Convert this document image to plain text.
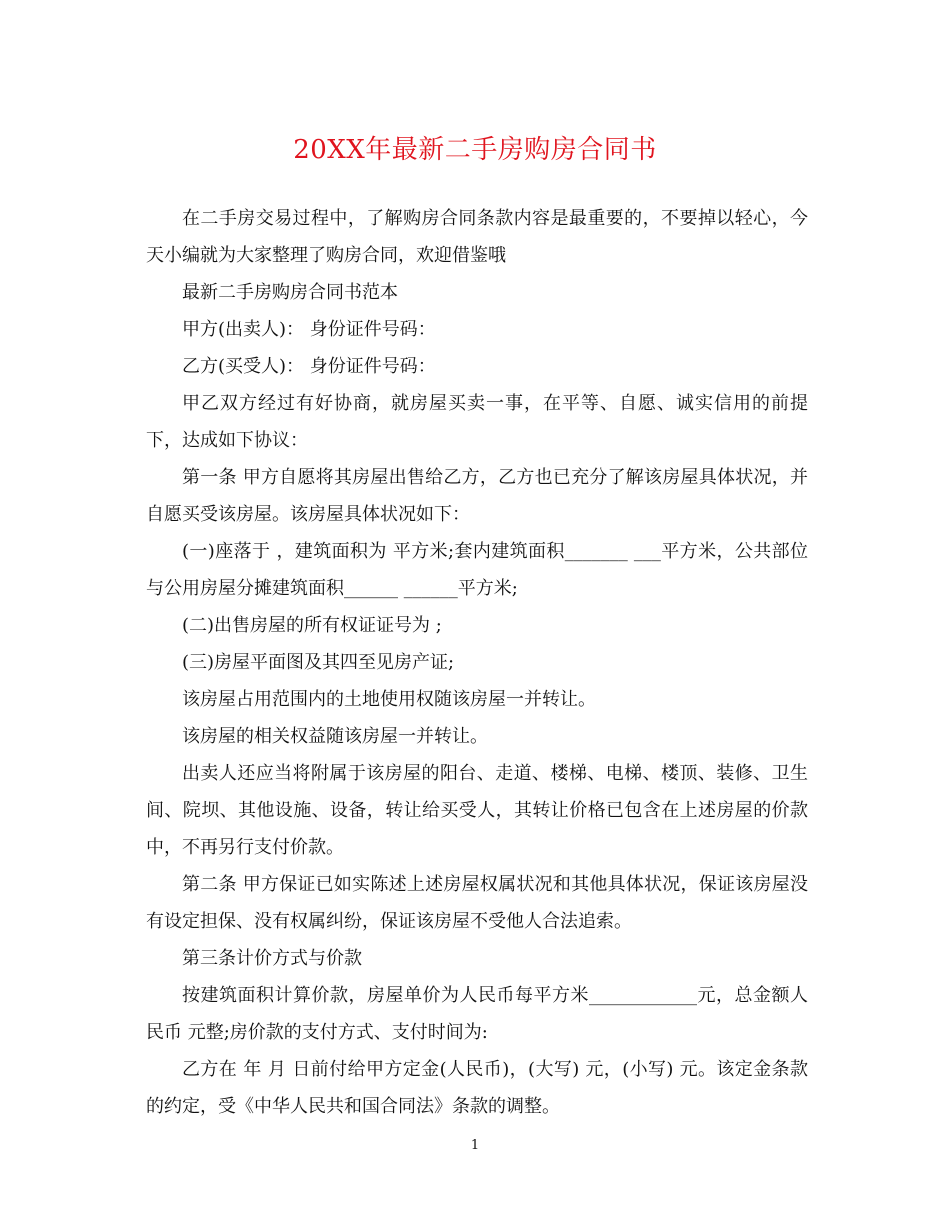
20XX年最新二手房购房合同书

在二手房交易过程中，了解购房合同条款内容是最重要的，不要掉以轻心，今天小编就为大家整理了购房合同，欢迎借鉴哦

最新二手房购房合同书范本

甲方(出卖人)： 身份证件号码：

乙方(买受人)： 身份证件号码：

甲乙双方经过有好协商，就房屋买卖一事，在平等、自愿、诚实信用的前提下，达成如下协议：

第一条 甲方自愿将其房屋出售给乙方，乙方也已充分了解该房屋具体状况，并自愿买受该房屋。该房屋具体状况如下：

(一)座落于 ，建筑面积为 平方米;套内建筑面积_______ ___平方米，公共部位与公用房屋分摊建筑面积______ ______平方米;

(二)出售房屋的所有权证证号为 ;

(三)房屋平面图及其四至见房产证;

该房屋占用范围内的土地使用权随该房屋一并转让。

该房屋的相关权益随该房屋一并转让。

出卖人还应当将附属于该房屋的阳台、走道、楼梯、电梯、楼顶、装修、卫生间、院坝、其他设施、设备，转让给买受人，其转让价格已包含在上述房屋的价款中，不再另行支付价款。

第二条 甲方保证已如实陈述上述房屋权属状况和其他具体状况，保证该房屋没有设定担保、没有权属纠纷，保证该房屋不受他人合法追索。

第三条计价方式与价款

按建筑面积计算价款，房屋单价为人民币每平方米____________元，总金额人民币 元整;房价款的支付方式、支付时间为:

乙方在 年 月 日前付给甲方定金(人民币)，(大写) 元，(小写) 元。该定金条款的约定，受《中华人民共和国合同法》条款的调整。

1
